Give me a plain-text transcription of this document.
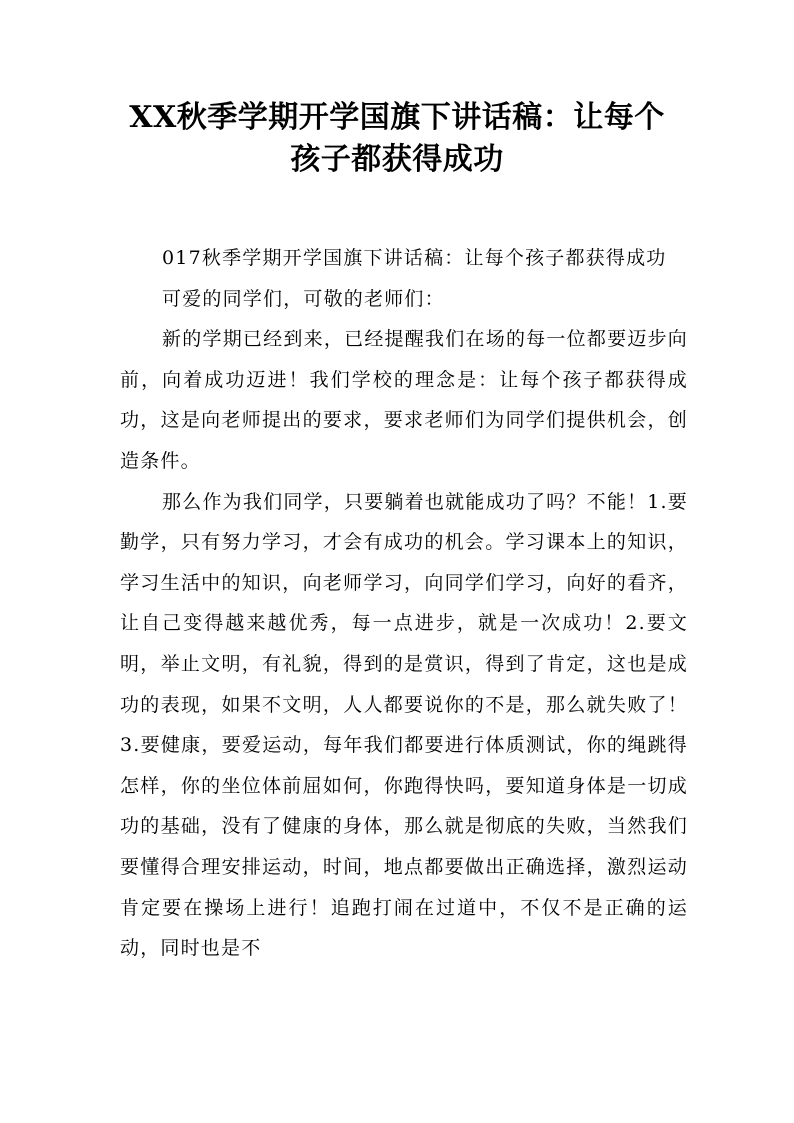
XX秋季学期开学国旗下讲话稿：让每个
孩子都获得成功

017秋季学期开学国旗下讲话稿：让每个孩子都获得成功

可爱的同学们，可敬的老师们：

新的学期已经到来，已经提醒我们在场的每一位都要迈步向前，向着成功迈进！我们学校的理念是：让每个孩子都获得成功，这是向老师提出的要求，要求老师们为同学们提供机会，创造条件。

那么作为我们同学，只要躺着也就能成功了吗？不能！1.要勤学，只有努力学习，才会有成功的机会。学习课本上的知识，学习生活中的知识，向老师学习，向同学们学习，向好的看齐，让自己变得越来越优秀，每一点进步，就是一次成功！2.要文明，举止文明，有礼貌，得到的是赏识，得到了肯定，这也是成功的表现，如果不文明，人人都要说你的不是，那么就失败了！3.要健康，要爱运动，每年我们都要进行体质测试，你的绳跳得怎样，你的坐位体前屈如何，你跑得快吗，要知道身体是一切成功的基础，没有了健康的身体，那么就是彻底的失败，当然我们要懂得合理安排运动，时间，地点都要做出正确选择，激烈运动肯定要在操场上进行！追跑打闹在过道中，不仅不是正确的运动，同时也是不
